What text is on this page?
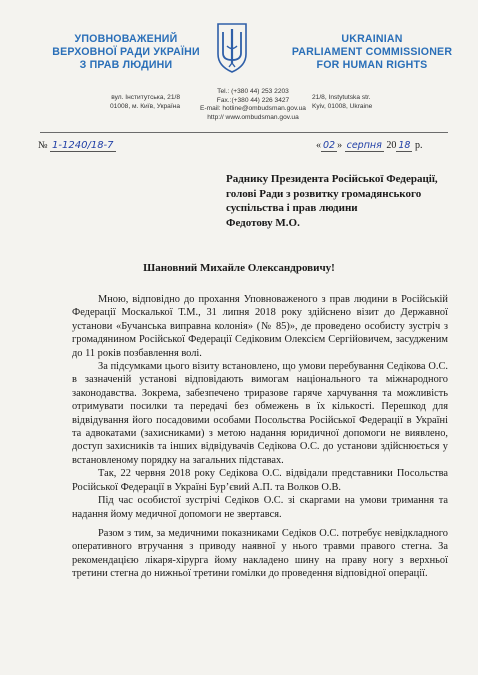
УПОВНОВАЖЕНИЙ
ВЕРХОВНОЇ РАДИ УКРАЇНИ
З ПРАВ ЛЮДИНИ
UKRAINIAN
PARLIAMENT COMMISSIONER
FOR HUMAN RIGHTS
вул. Інститутська, 21/8
01008, м. Київ, Україна
Tel.: (+380 44) 253 2203
Fax.:(+380 44) 226 3427
E-mail: hotline@ombudsman.gov.ua
http:// www.ombudsman.gov.ua
21/8, Instytutska str.
Kyiv, 01008, Ukraine
№ 1-1240/18-7	« 02 » серпня 20 18 р.
Раднику Президента Російської Федерації,
голові Ради з розвитку громадянського
суспільства і прав людини
Федотову М.О.
Шановний Михайле Олександровичу!

Мною, відповідно до прохання Уповноваженого з прав людини в Російській Федерації Москалької Т.М., 31 липня 2018 року здійснено візит до Державної установи «Бучанська виправна колонія» (№ 85)», де проведено особисту зустріч з громадянином Російської Федерації Седіковим Олексієм Сергійовичем, засудженим до 11 років позбавлення волі.

За підсумками цього візиту встановлено, що умови перебування Седікова О.С. в зазначеній установі відповідають вимогам національного та міжнародного законодавства. Зокрема, забезпечено триразове гаряче харчування та можливість отримувати посилки та передачі без обмежень в їх кількості. Перешкод для відвідування його посадовими особами Посольства Російської Федерації в Україні та адвокатами (захисниками) з метою надання юридичної допомоги не виявлено, доступ захисників та інших відвідувачів Седікова О.С. до установи здійснюється у встановленому порядку на загальних підставах.

Так, 22 червня 2018 року Седікова О.С. відвідали представники Посольства Російської Федерації в Україні Бур’євий А.П. та Волков О.В.

Під час особистої зустрічі Седіков О.С. зі скаргами на умови тримання та надання йому медичної допомоги не звертався.

Разом з тим, за медичними показниками Седіков О.С. потребує невідкладного оперативного втручання з приводу наявної у нього травми правого стегна. За рекомендацією лікаря-хірурга йому накладено шину на праву ногу з верхньої третини стегна до нижньої третини гомілки до проведення відповідної операції.
